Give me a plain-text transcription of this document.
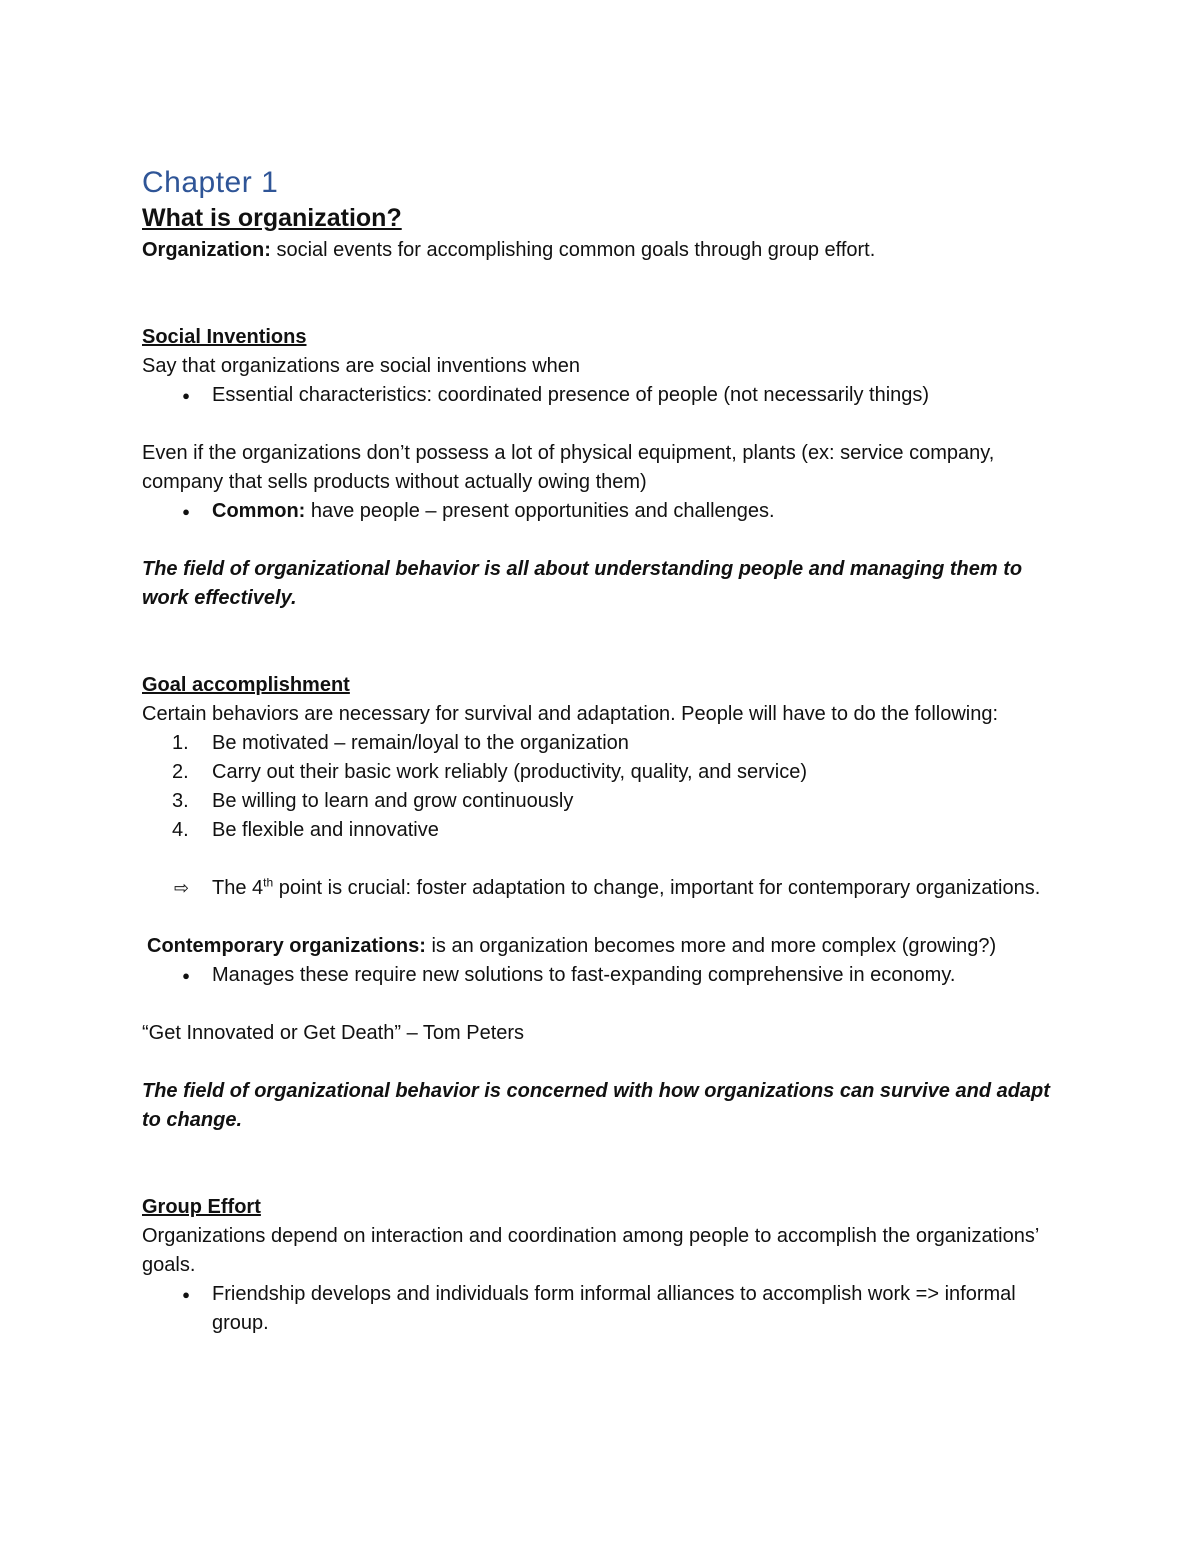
Chapter 1
What is organization?

Organization: social events for accomplishing common goals through group effort.

Social Inventions

Say that organizations are social inventions when

●	Essential characteristics: coordinated presence of people (not necessarily things)

Even if the organizations don’t possess a lot of physical equipment, plants (ex: service company, company that sells products without actually owing them)

●	Common: have people – present opportunities and challenges.

The field of organizational behavior is all about understanding people and managing them to work effectively.

Goal accomplishment

Certain behaviors are necessary for survival and adaptation. People will have to do the following:

1.	Be motivated – remain/loyal to the organization
2.	Carry out their basic work reliably (productivity, quality, and service)
3.	Be willing to learn and grow continuously
4.	Be flexible and innovative
⇨ The 4th point is crucial: foster adaptation to change, important for contemporary organizations.

Contemporary organizations: is an organization becomes more and more complex (growing?)

●	Manages these require new solutions to fast-expanding comprehensive in economy.

“Get Innovated or Get Death” – Tom Peters

The field of organizational behavior is concerned with how organizations can survive and adapt to change.

Group Effort

Organizations depend on interaction and coordination among people to accomplish the organizations’ goals.

●	Friendship develops and individuals form informal alliances to accomplish work => informal group.
